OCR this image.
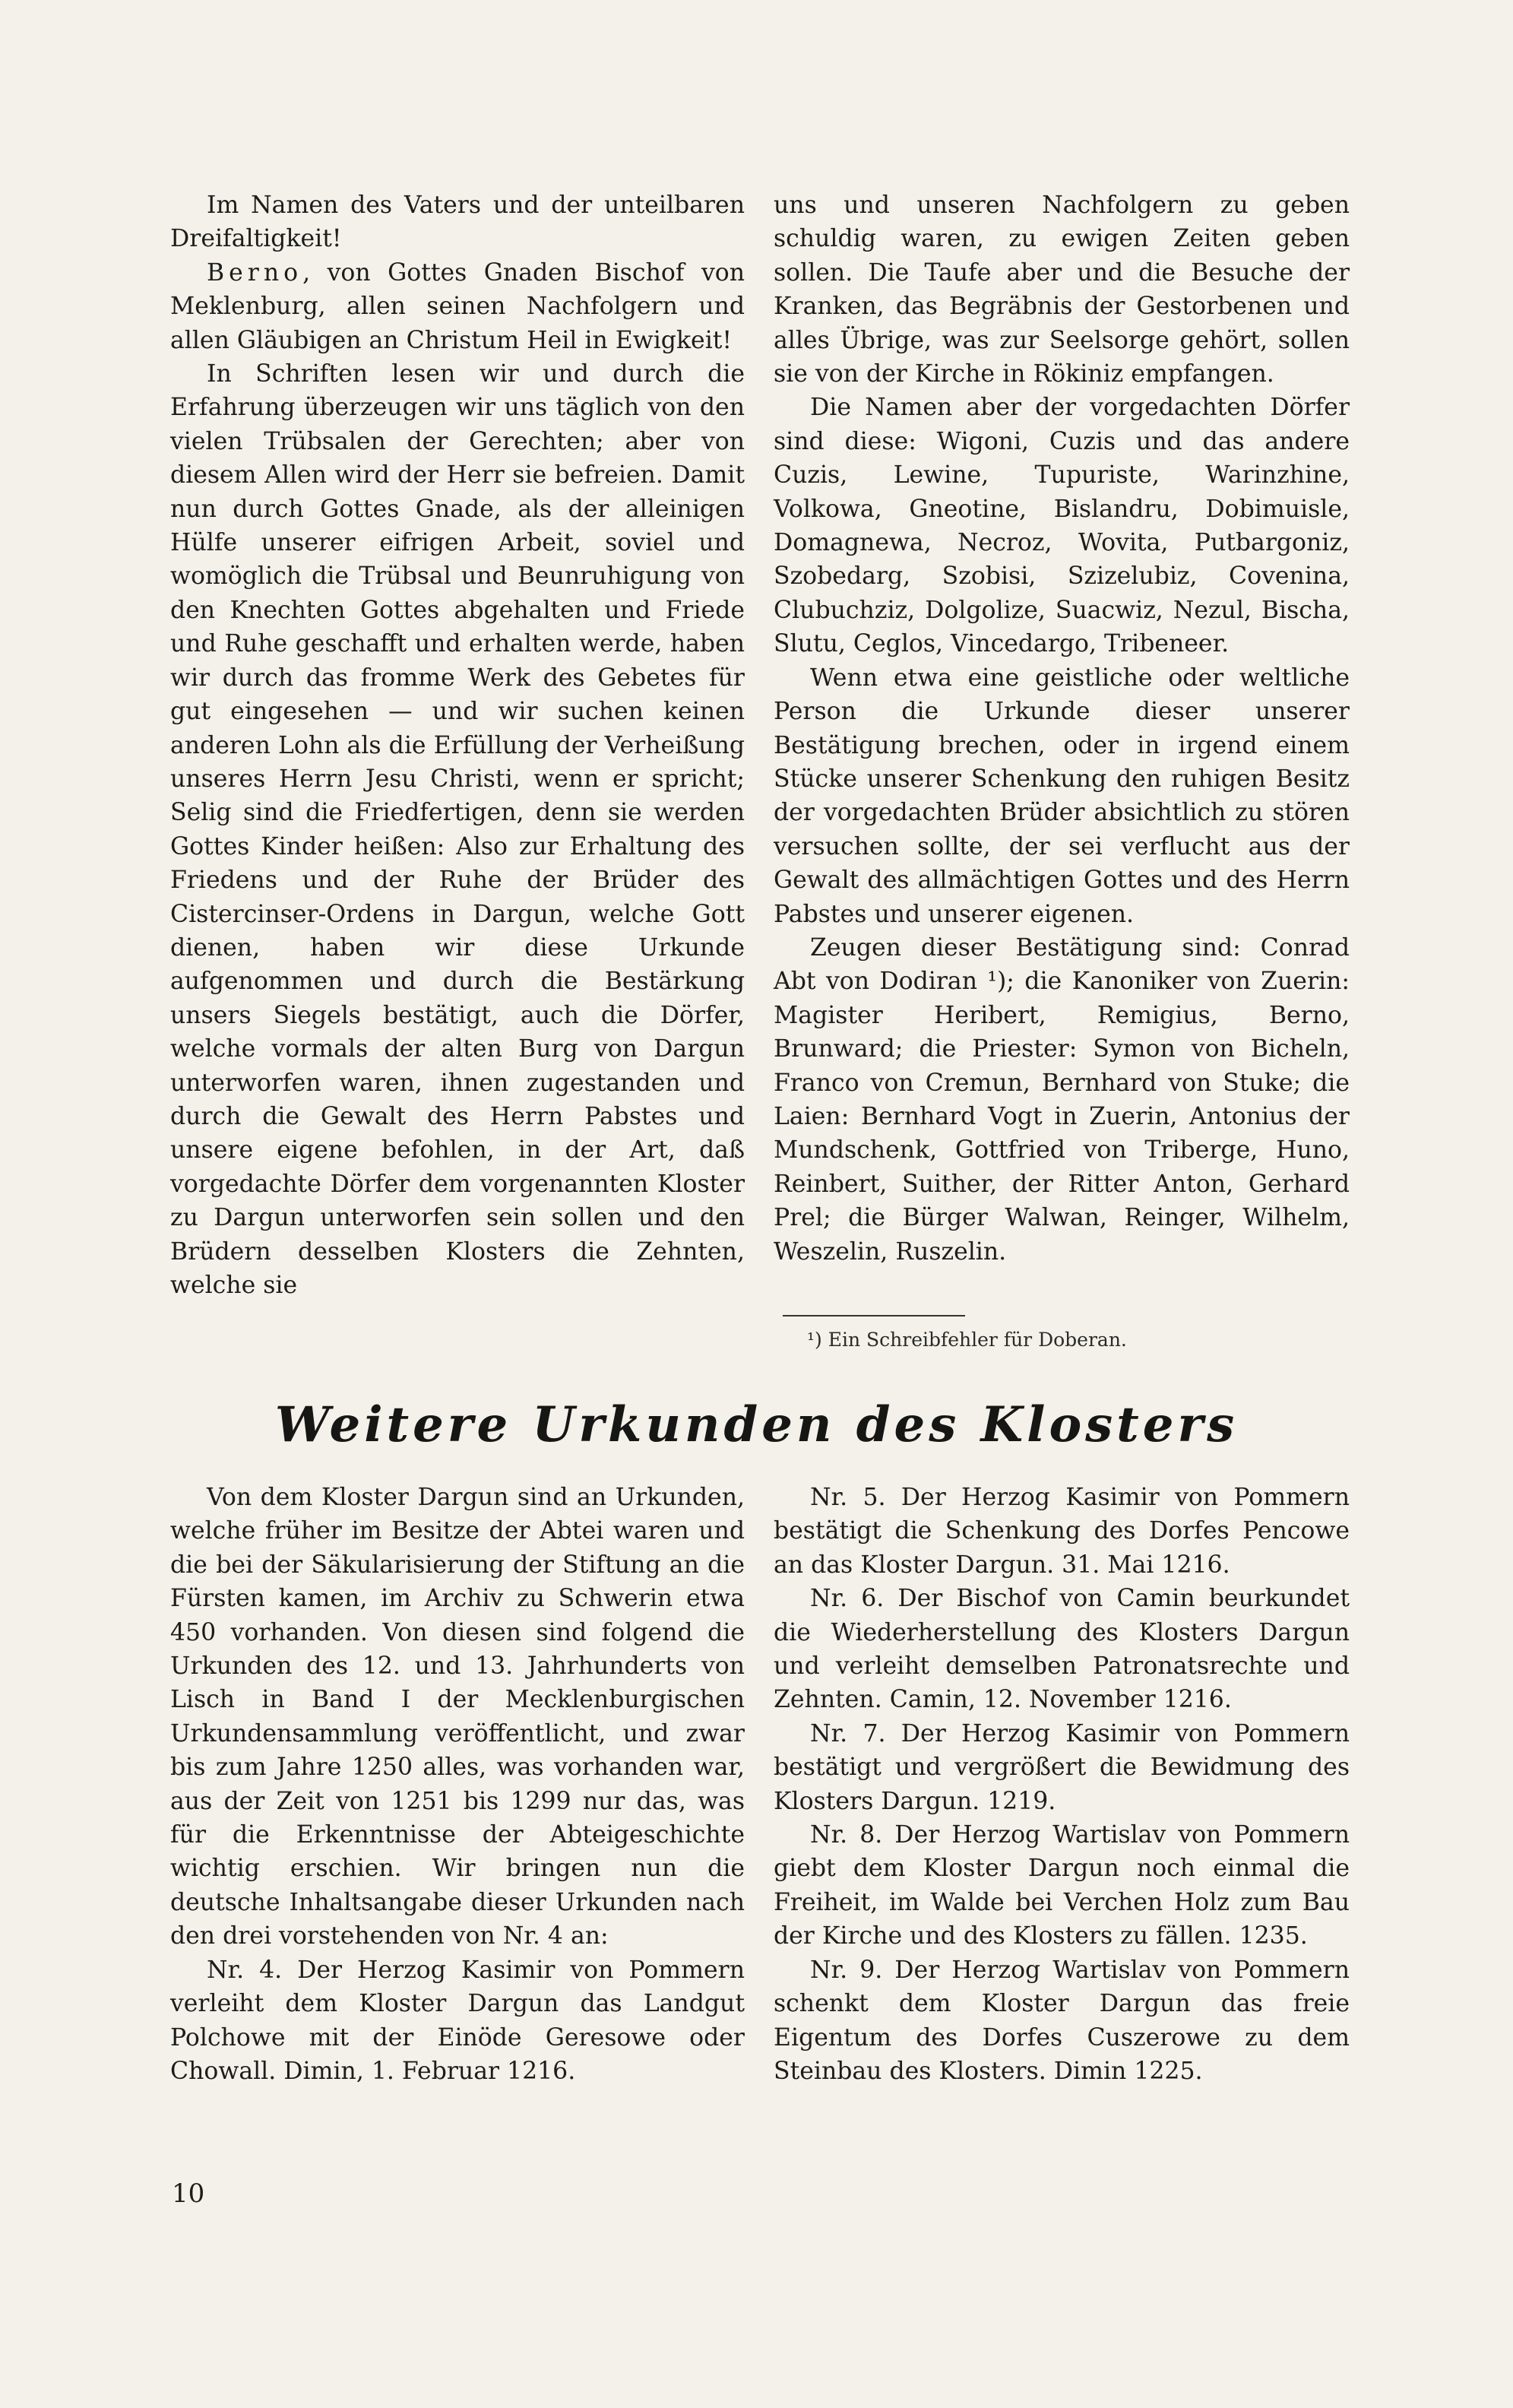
Im Namen des Vaters und der unteilbaren Dreifaltigkeit!

Berno, von Gottes Gnaden Bischof von Meklenburg, allen seinen Nachfolgern und allen Gläubigen an Christum Heil in Ewigkeit!

In Schriften lesen wir und durch die Erfahrung überzeugen wir uns täglich von den vielen Trübsalen der Gerechten; aber von diesem Allen wird der Herr sie befreien. Damit nun durch Gottes Gnade, als der alleinigen Hülfe unserer eifrigen Arbeit, soviel und womöglich die Trübsal und Beunruhigung von den Knechten Gottes abgehalten und Friede und Ruhe geschafft und erhalten werde, haben wir durch das fromme Werk des Gebetes für gut eingesehen — und wir suchen keinen anderen Lohn als die Erfüllung der Verheißung unseres Herrn Jesu Christi, wenn er spricht; Selig sind die Friedfertigen, denn sie werden Gottes Kinder heißen: Also zur Erhaltung des Friedens und der Ruhe der Brüder des Cistercinser-Ordens in Dargun, welche Gott dienen, haben wir diese Urkunde aufgenommen und durch die Bestärkung unsers Siegels bestätigt, auch die Dörfer, welche vormals der alten Burg von Dargun unterworfen waren, ihnen zugestanden und durch die Gewalt des Herrn Pabstes und unsere eigene befohlen, in der Art, daß vorgedachte Dörfer dem vorgenannten Kloster zu Dargun unterworfen sein sollen und den Brüdern desselben Klosters die Zehnten, welche sie

uns und unseren Nachfolgern zu geben schuldig waren, zu ewigen Zeiten geben sollen. Die Taufe aber und die Besuche der Kranken, das Begräbnis der Gestorbenen und alles Übrige, was zur Seelsorge gehört, sollen sie von der Kirche in Rökiniz empfangen.

Die Namen aber der vorgedachten Dörfer sind diese: Wigoni, Cuzis und das andere Cuzis, Lewine, Tupuriste, Warinzhine, Volkowa, Gneotine, Bislandru, Dobimuisle, Domagnewa, Necroz, Wovita, Putbargoniz, Szobedarg, Szobisi, Szizelubiz, Covenina, Clubuchziz, Dolgolize, Suacwiz, Nezul, Bischa, Slutu, Ceglos, Vincedargo, Tribeneer.

Wenn etwa eine geistliche oder weltliche Person die Urkunde dieser unserer Bestätigung brechen, oder in irgend einem Stücke unserer Schenkung den ruhigen Besitz der vorgedachten Brüder absichtlich zu stören versuchen sollte, der sei verflucht aus der Gewalt des allmächtigen Gottes und des Herrn Pabstes und unserer eigenen.

Zeugen dieser Bestätigung sind: Conrad Abt von Dodiran ¹); die Kanoniker von Zuerin: Magister Heribert, Remigius, Berno, Brunward; die Priester: Symon von Bicheln, Franco von Cremun, Bernhard von Stuke; die Laien: Bernhard Vogt in Zuerin, Antonius der Mundschenk, Gottfried von Triberge, Huno, Reinbert, Suither, der Ritter Anton, Gerhard Prel; die Bürger Walwan, Reinger, Wilhelm, Weszelin, Ruszelin.

¹) Ein Schreibfehler für Doberan.
Weitere Urkunden des Klosters

Von dem Kloster Dargun sind an Urkunden, welche früher im Besitze der Abtei waren und die bei der Säkularisierung der Stiftung an die Fürsten kamen, im Archiv zu Schwerin etwa 450 vorhanden. Von diesen sind folgend die Urkunden des 12. und 13. Jahrhunderts von Lisch in Band I der Mecklenburgischen Urkundensammlung veröffentlicht, und zwar bis zum Jahre 1250 alles, was vorhanden war, aus der Zeit von 1251 bis 1299 nur das, was für die Erkenntnisse der Abteigeschichte wichtig erschien. Wir bringen nun die deutsche Inhaltsangabe dieser Urkunden nach den drei vorstehenden von Nr. 4 an:

Nr. 4. Der Herzog Kasimir von Pommern verleiht dem Kloster Dargun das Landgut Polchowe mit der Einöde Geresowe oder Chowall. Dimin, 1. Februar 1216.

Nr. 5. Der Herzog Kasimir von Pommern bestätigt die Schenkung des Dorfes Pencowe an das Kloster Dargun. 31. Mai 1216.

Nr. 6. Der Bischof von Camin beurkundet die Wiederherstellung des Klosters Dargun und verleiht demselben Patronatsrechte und Zehnten. Camin, 12. November 1216.

Nr. 7. Der Herzog Kasimir von Pommern bestätigt und vergrößert die Bewidmung des Klosters Dargun. 1219.

Nr. 8. Der Herzog Wartislav von Pommern giebt dem Kloster Dargun noch einmal die Freiheit, im Walde bei Verchen Holz zum Bau der Kirche und des Klosters zu fällen. 1235.

Nr. 9. Der Herzog Wartislav von Pommern schenkt dem Kloster Dargun das freie Eigentum des Dorfes Cuszerowe zu dem Steinbau des Klosters. Dimin 1225.

10
